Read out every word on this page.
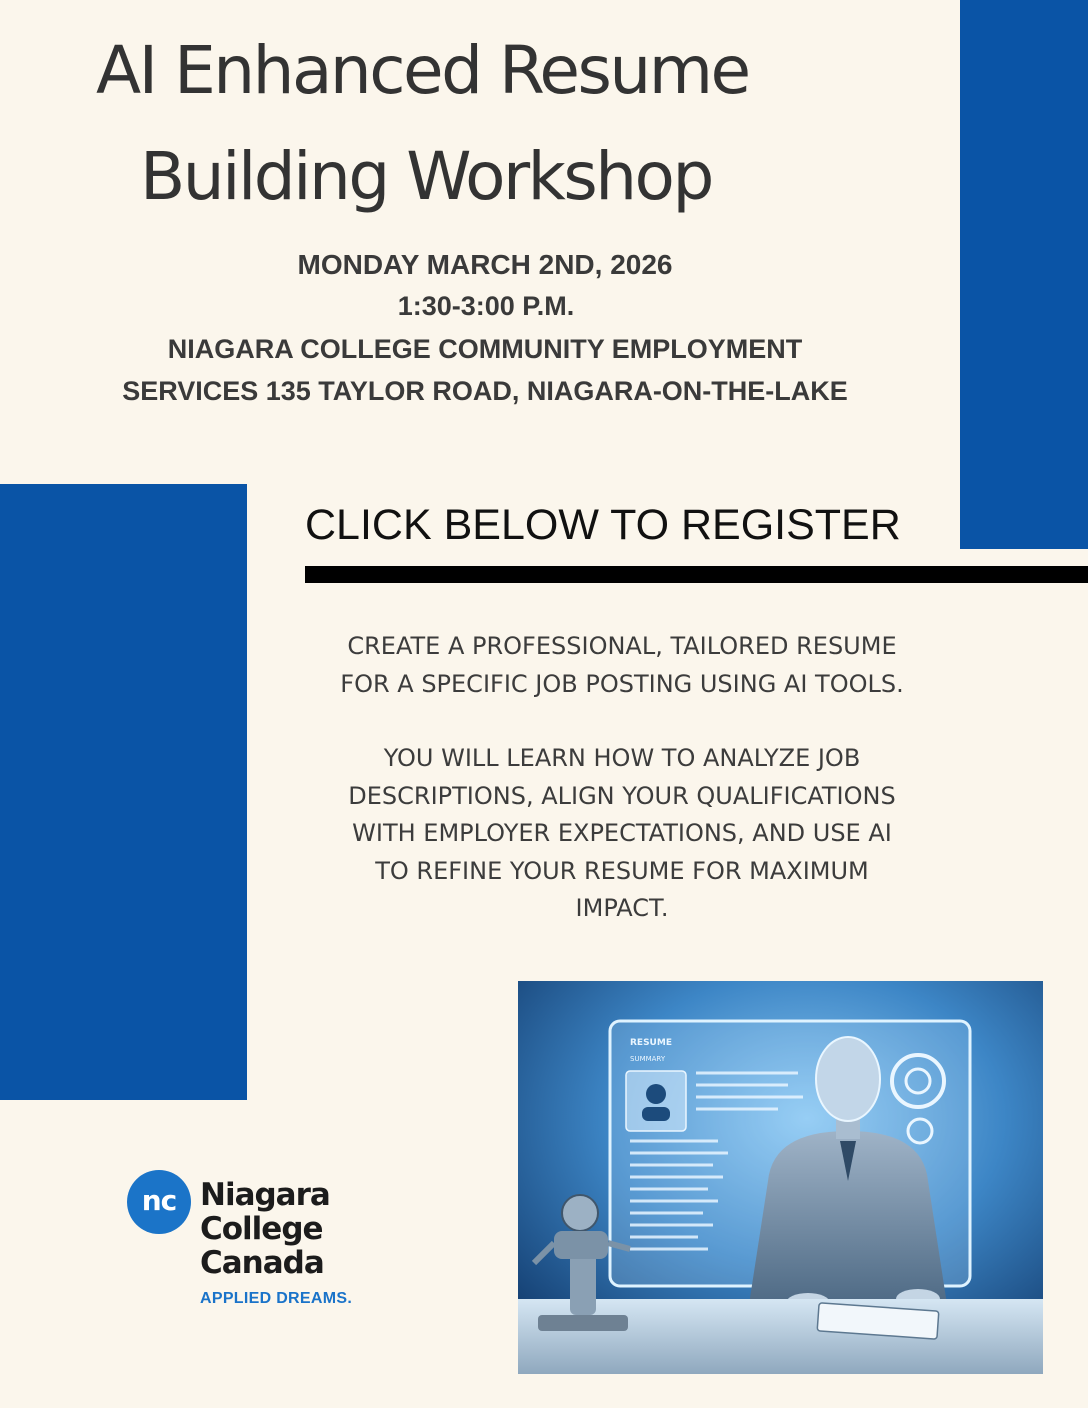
AI Enhanced Resume
Building Workshop
MONDAY MARCH 2ND, 2026
1:30-3:00 P.M.
NIAGARA COLLEGE COMMUNITY EMPLOYMENT
SERVICES 135 TAYLOR ROAD, NIAGARA-ON-THE-LAKE
CLICK BELOW TO REGISTER
CREATE A PROFESSIONAL, TAILORED RESUME
FOR A SPECIFIC JOB POSTING USING AI TOOLS.
YOU WILL LEARN HOW TO ANALYZE JOB
DESCRIPTIONS, ALIGN YOUR QUALIFICATIONS
WITH EMPLOYER EXPECTATIONS, AND USE AI
TO REFINE YOUR RESUME FOR MAXIMUM
IMPACT.
nc Niagara
College
Canada
APPLIED DREAMS.
RESUME
SUMMARY
